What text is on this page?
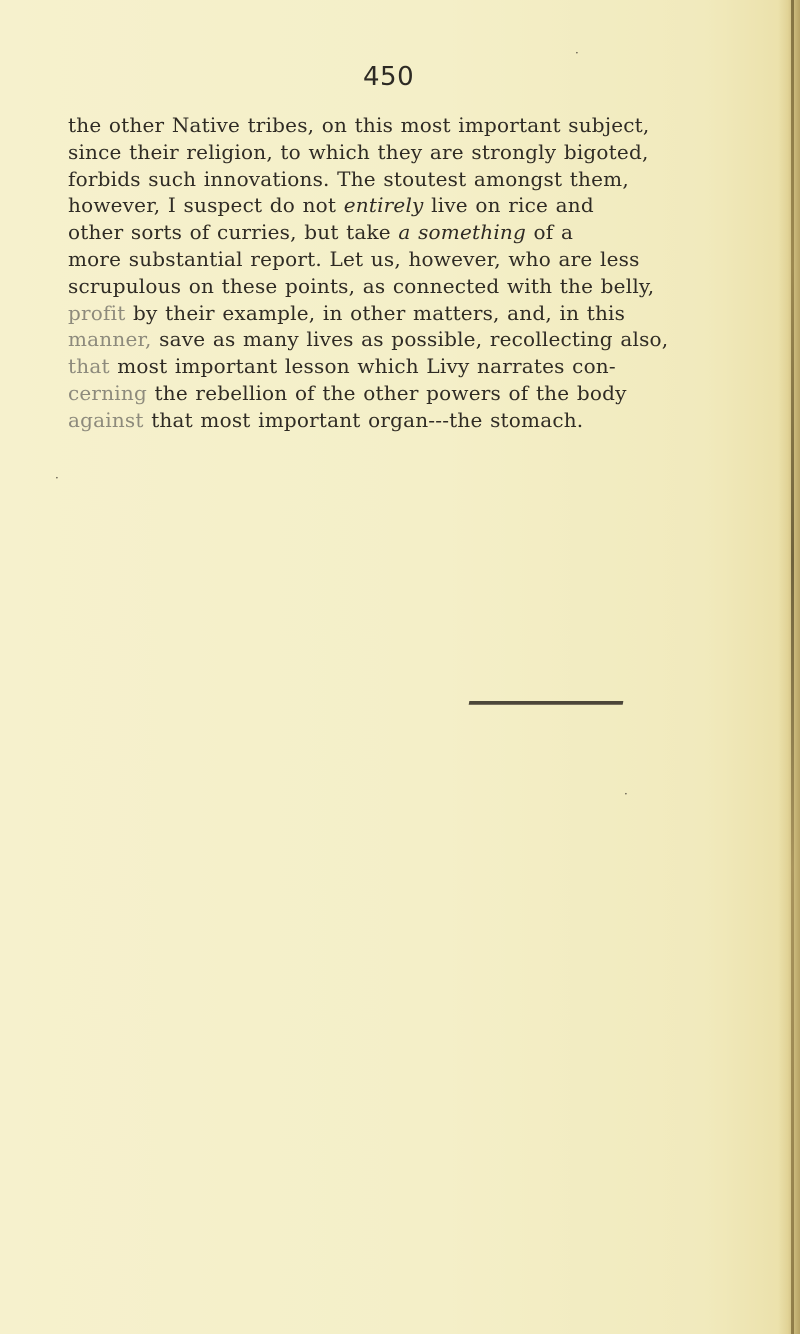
450
the other Native tribes, on this most important subject,
since their religion, to which they are strongly bigoted,
forbids such innovations. The stoutest amongst them,
however, I suspect do not entirely live on rice and
other sorts of curries, but take a something of a
more substantial report. Let us, however, who are less
scrupulous on these points, as connected with the belly,
profit by their example, in other matters, and, in this
manner, save as many lives as possible, recollecting also,
that most important lesson which Livy narrates con-
cerning the rebellion of the other powers of the body
against that most important organ---the stomach.
·
·
·
